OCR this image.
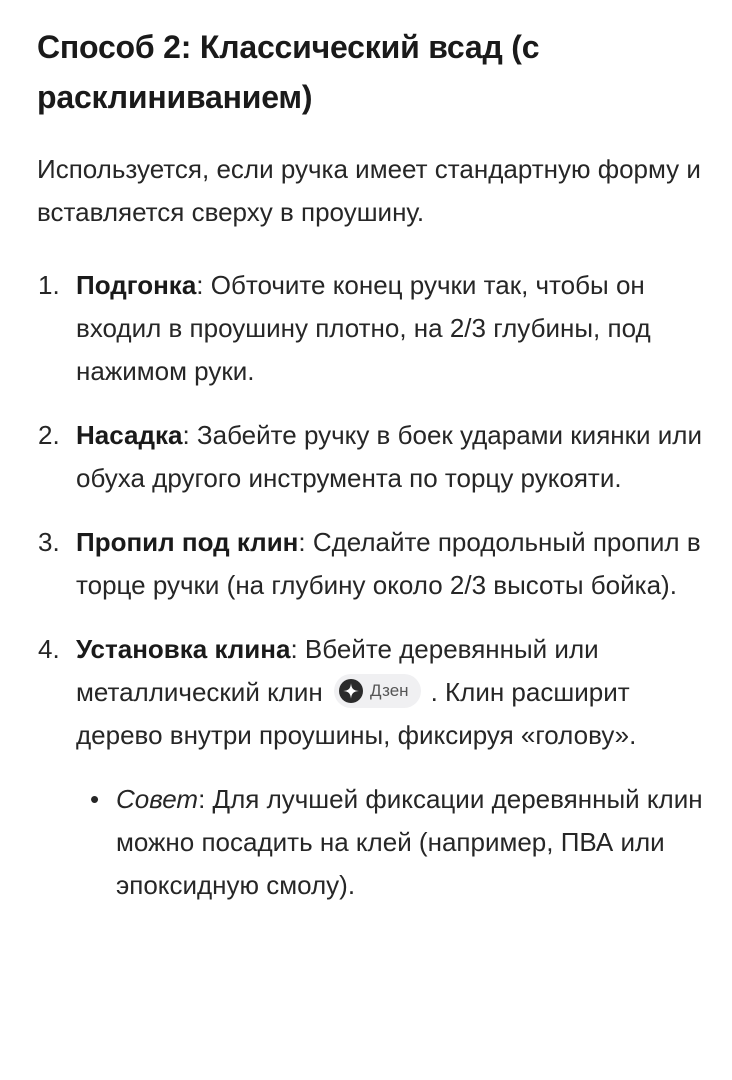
Способ 2: Классический всад (с
расклиниванием)

Используется, если ручка имеет стандартную форму и вставляется сверху в проушину.

1. Подгонка: Обточите конец ручки так, чтобы он входил в проушину плотно, на 2/3 глубины, под нажимом руки.
2. Насадка: Забейте ручку в боек ударами киянки или обуха другого инструмента по торцу рукояти.
3. Пропил под клин: Сделайте продольный пропил в торце ручки (на глубину около 2/3 высоты бойка).
4. Установка клина: Вбейте деревянный или металлический клин	Дзен . Клин расширит дерево внутри проушины, фиксируя «голову».
• Совет: Для лучшей фиксации деревянный клин можно посадить на клей (например, ПВА или эпоксидную смолу).
